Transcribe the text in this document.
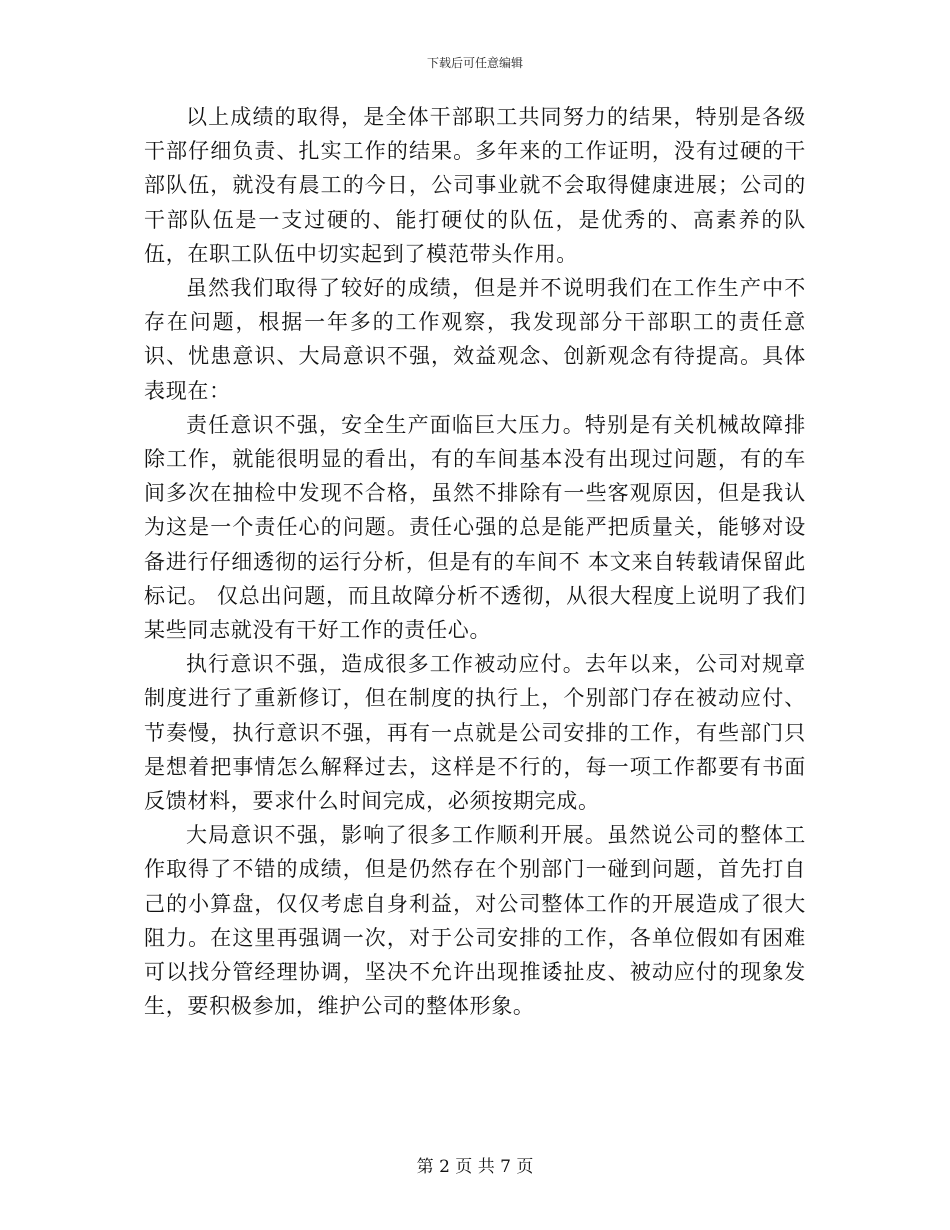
下载后可任意编辑

以上成绩的取得，是全体干部职工共同努力的结果，特别是各级干部仔细负责、扎实工作的结果。多年来的工作证明，没有过硬的干部队伍，就没有晨工的今日，公司事业就不会取得健康进展；公司的干部队伍是一支过硬的、能打硬仗的队伍，是优秀的、高素养的队伍，在职工队伍中切实起到了模范带头作用。

虽然我们取得了较好的成绩，但是并不说明我们在工作生产中不存在问题，根据一年多的工作观察，我发现部分干部职工的责任意识、忧患意识、大局意识不强，效益观念、创新观念有待提高。具体表现在：

责任意识不强，安全生产面临巨大压力。特别是有关机械故障排除工作，就能很明显的看出，有的车间基本没有出现过问题，有的车间多次在抽检中发现不合格，虽然不排除有一些客观原因，但是我认为这是一个责任心的问题。责任心强的总是能严把质量关，能够对设备进行仔细透彻的运行分析，但是有的车间不 本文来自转载请保留此标记。 仅总出问题，而且故障分析不透彻，从很大程度上说明了我们某些同志就没有干好工作的责任心。

执行意识不强，造成很多工作被动应付。去年以来，公司对规章制度进行了重新修订，但在制度的执行上，个别部门存在被动应付、节奏慢，执行意识不强，再有一点就是公司安排的工作，有些部门只是想着把事情怎么解释过去，这样是不行的，每一项工作都要有书面反馈材料，要求什么时间完成，必须按期完成。

大局意识不强，影响了很多工作顺利开展。虽然说公司的整体工作取得了不错的成绩，但是仍然存在个别部门一碰到问题，首先打自己的小算盘，仅仅考虑自身利益，对公司整体工作的开展造成了很大阻力。在这里再强调一次，对于公司安排的工作，各单位假如有困难可以找分管经理协调，坚决不允许出现推诿扯皮、被动应付的现象发生，要积极参加，维护公司的整体形象。

第 2 页 共 7 页
